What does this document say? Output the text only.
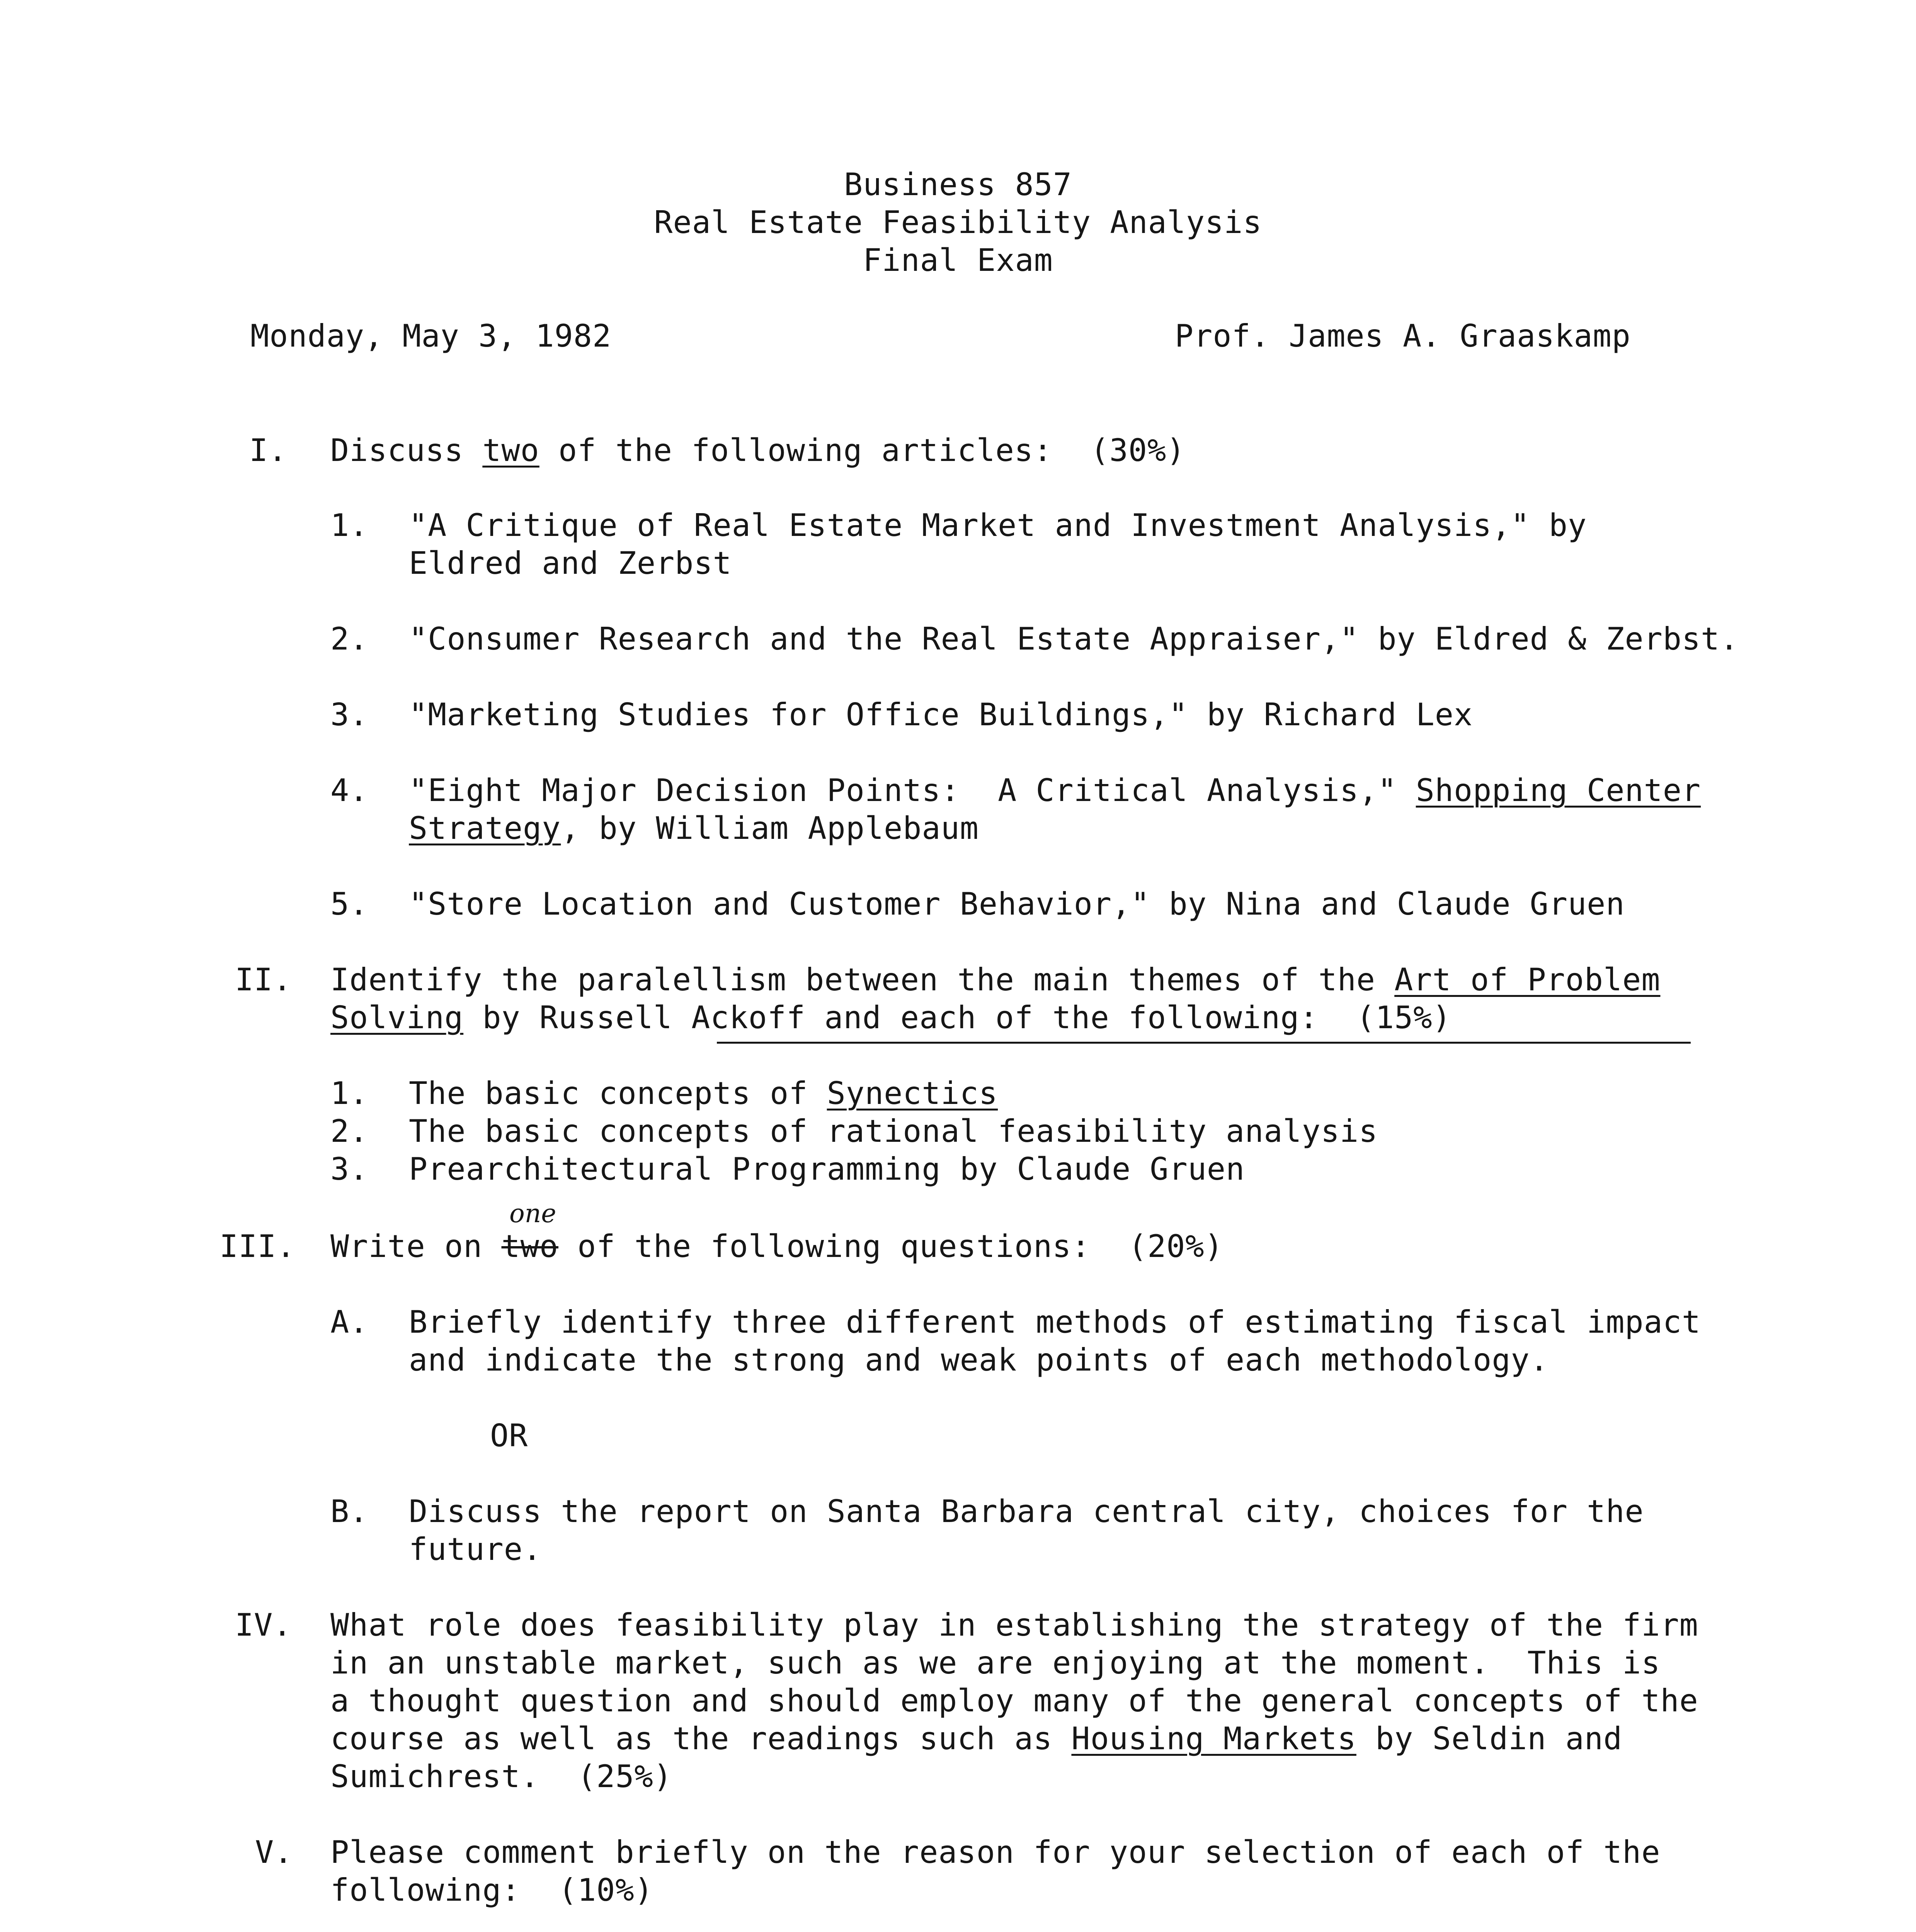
Business 857
Real Estate Feasibility Analysis
Final Exam
Monday, May 3, 1982	Prof. James A. Graaskamp
I. Discuss two of the following articles:  (30%)
1. "A Critique of Real Estate Market and Investment Analysis," by
Eldred and Zerbst
2. "Consumer Research and the Real Estate Appraiser," by Eldred & Zerbst.
3. "Marketing Studies for Office Buildings," by Richard Lex
4. "Eight Major Decision Points:  A Critical Analysis," Shopping Center
Strategy, by William Applebaum
5. "Store Location and Customer Behavior," by Nina and Claude Gruen
II. Identify the paralellism between the main themes of the Art of Problem
Solving by Russell Ackoff and each of the following:  (15%)
1. The basic concepts of Synectics
2. The basic concepts of rational feasibility analysis
3. Prearchitectural Programming by Claude Gruen
III. Write on two of the following questions:  (20%)
one
A. Briefly identify three different methods of estimating fiscal impact
and indicate the strong and weak points of each methodology.
OR
B. Discuss the report on Santa Barbara central city, choices for the
future.
IV. What role does feasibility play in establishing the strategy of the firm
in an unstable market, such as we are enjoying at the moment.  This is
a thought question and should employ many of the general concepts of the
course as well as the readings such as Housing Markets by Seldin and
Sumichrest.  (25%)
V. Please comment briefly on the reason for your selection of each of the
following:  (10%)
